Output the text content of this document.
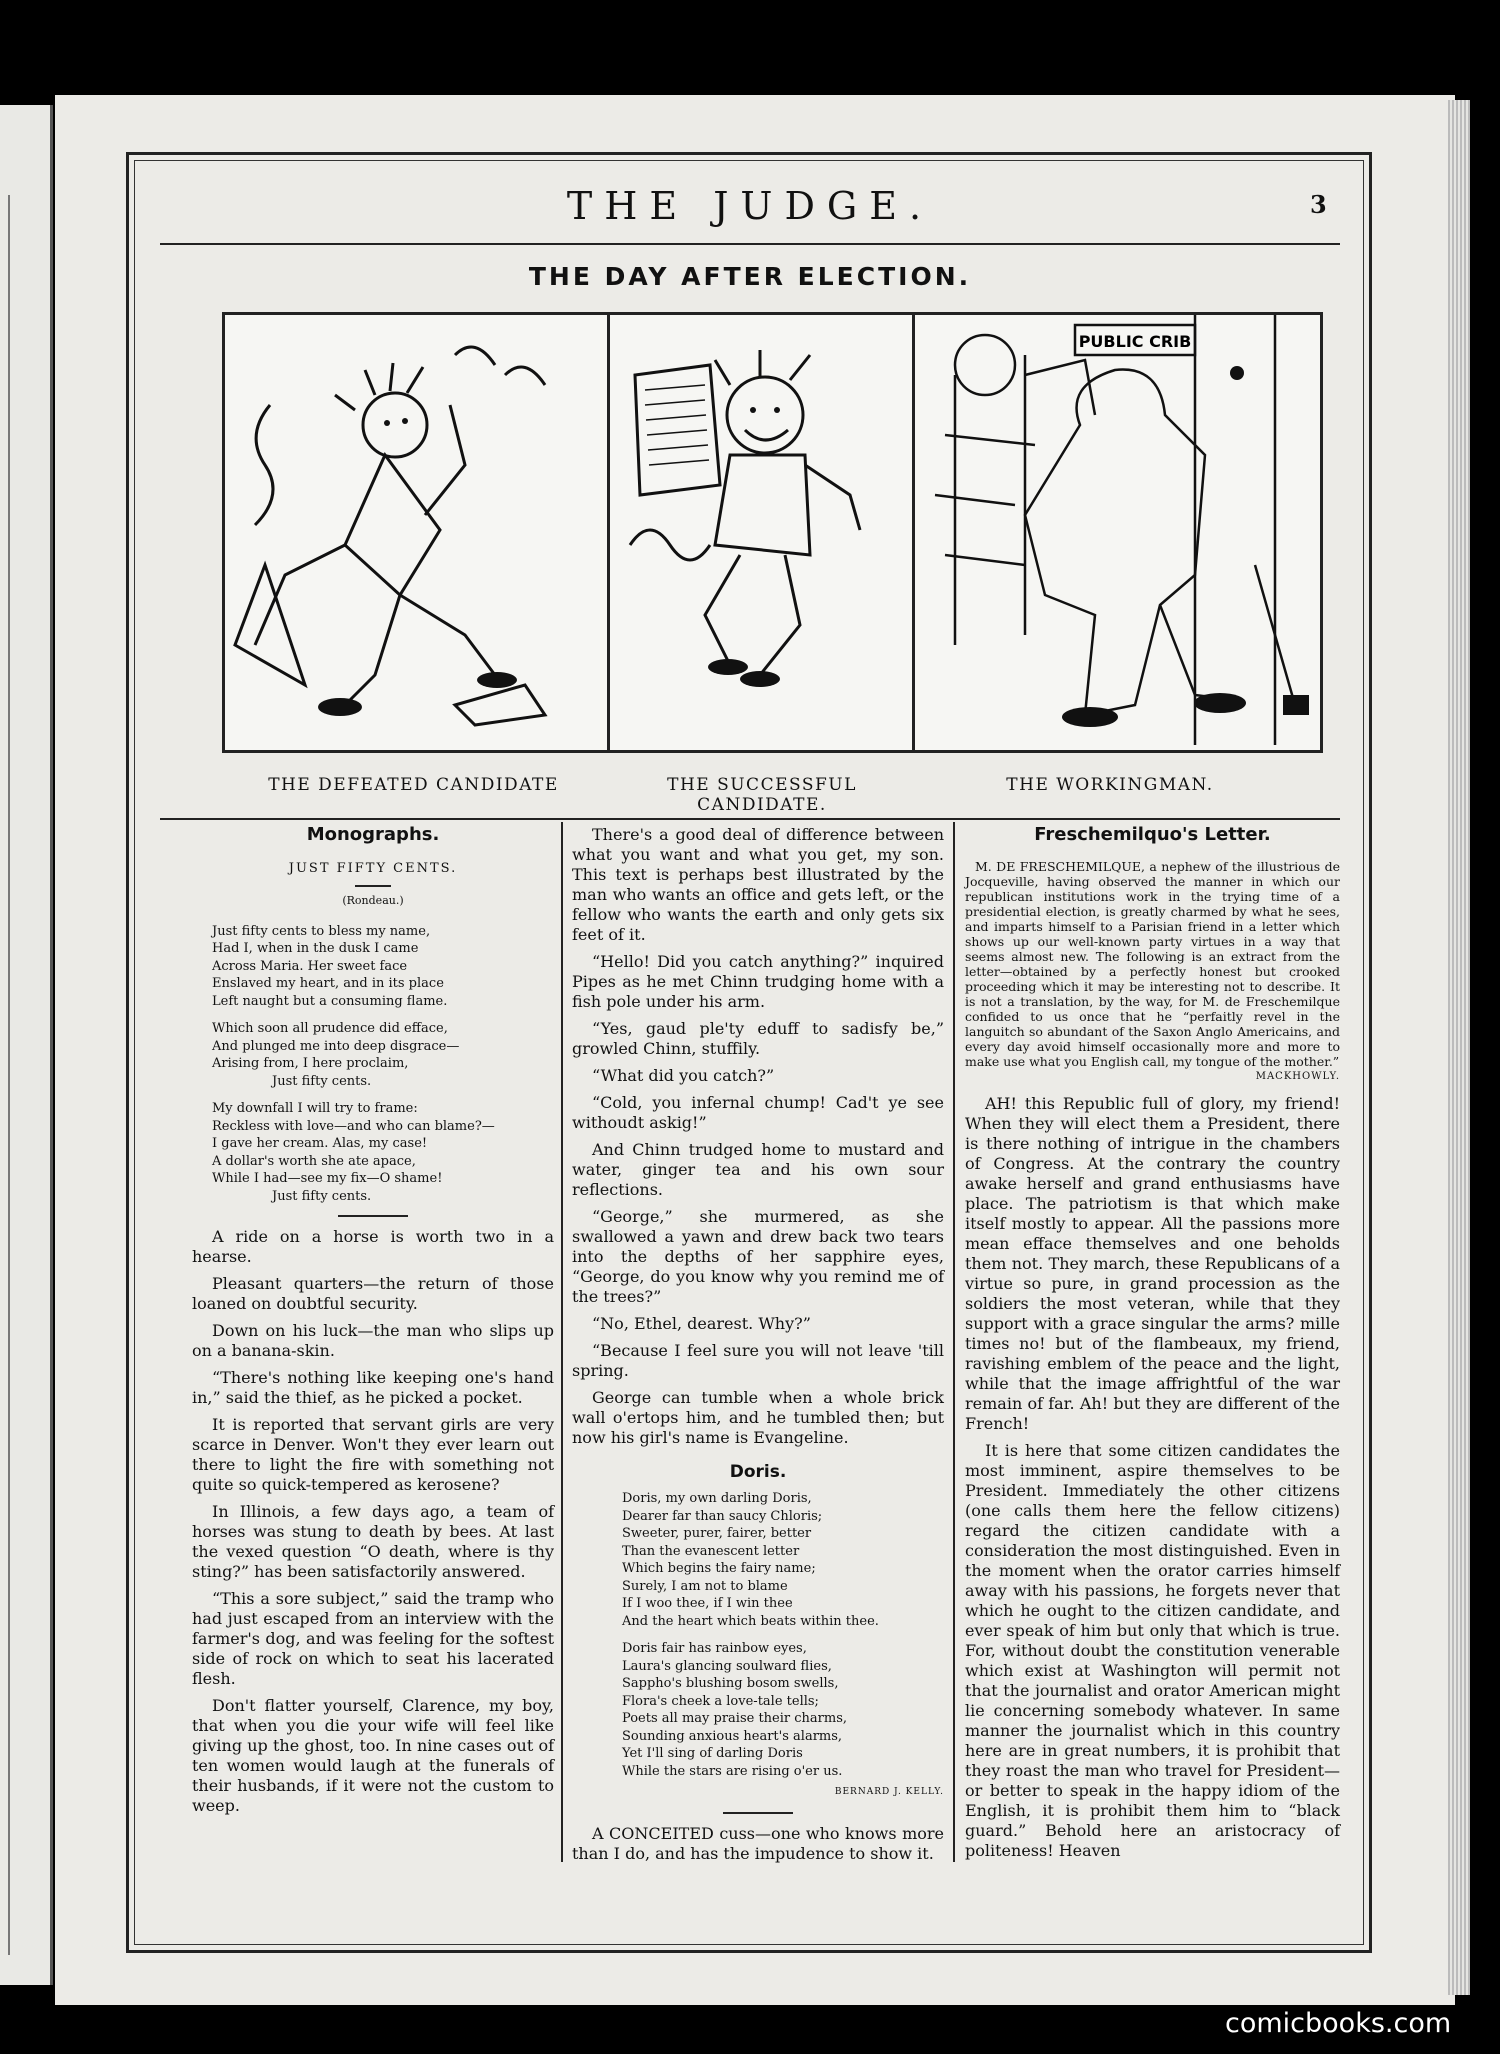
THE JUDGE.	3
THE DAY AFTER ELECTION.
PUBLIC CRIB
THE DEFEATED CANDIDATE	THE SUCCESSFUL CANDIDATE.
THE WORKINGMAN.
Monographs.
JUST FIFTY CENTS.
(Rondeau.)
Just fifty cents to bless my name,
Had I, when in the dusk I came
Across Maria. Her sweet face
Enslaved my heart, and in its place
Left naught but a consuming flame.
Which soon all prudence did efface,
And plunged me into deep disgrace—
Arising from, I here proclaim,
Just fifty cents.
My downfall I will try to frame:
Reckless with love—and who can blame?—
I gave her cream. Alas, my case!
A dollar's worth she ate apace,
While I had—see my fix—O shame!
Just fifty cents.

A ride on a horse is worth two in a hearse.

Pleasant quarters—the return of those loaned on doubtful security.

Down on his luck—the man who slips up on a banana-skin.

“There's nothing like keeping one's hand in,” said the thief, as he picked a pocket.

It is reported that servant girls are very scarce in Denver. Won't they ever learn out there to light the fire with something not quite so quick-tempered as kerosene?

In Illinois, a few days ago, a team of horses was stung to death by bees. At last the vexed question “O death, where is thy sting?” has been satisfactorily answered.

“This a sore subject,” said the tramp who had just escaped from an interview with the farmer's dog, and was feeling for the softest side of rock on which to seat his lacerated flesh.

Don't flatter yourself, Clarence, my boy, that when you die your wife will feel like giving up the ghost, too. In nine cases out of ten women would laugh at the funerals of their husbands, if it were not the custom to weep.

There's a good deal of difference between what you want and what you get, my son. This text is perhaps best illustrated by the man who wants an office and gets left, or the fellow who wants the earth and only gets six feet of it.

“Hello! Did you catch anything?” inquired Pipes as he met Chinn trudging home with a fish pole under his arm.

“Yes, gaud ple'ty eduff to sadisfy be,” growled Chinn, stuffily.

“What did you catch?”

“Cold, you infernal chump! Cad't ye see withoudt askig!”

And Chinn trudged home to mustard and water, ginger tea and his own sour reflections.

“George,” she murmered, as she swallowed a yawn and drew back two tears into the depths of her sapphire eyes, “George, do you know why you remind me of the trees?”

“No, Ethel, dearest. Why?”

“Because I feel sure you will not leave 'till spring.

George can tumble when a whole brick wall o'ertops him, and he tumbled then; but now his girl's name is Evangeline.

Doris.
Doris, my own darling Doris,
Dearer far than saucy Chloris;
Sweeter, purer, fairer, better
Than the evanescent letter
Which begins the fairy name;
Surely, I am not to blame
If I woo thee, if I win thee
And the heart which beats within thee.
Doris fair has rainbow eyes,
Laura's glancing soulward flies,
Sappho's blushing bosom swells,
Flora's cheek a love-tale tells;
Poets all may praise their charms,
Sounding anxious heart's alarms,
Yet I'll sing of darling Doris
While the stars are rising o'er us.
BERNARD J. KELLY.

A CONCEITED cuss—one who knows more than I do, and has the impudence to show it.

Freschemilquo's Letter.

M. DE FRESCHEMILQUE, a nephew of the illustrious de Jocqueville, having observed the manner in which our republican institutions work in the trying time of a presidential election, is greatly charmed by what he sees, and imparts himself to a Parisian friend in a letter which shows up our well-known party virtues in a way that seems almost new. The following is an extract from the letter—obtained by a perfectly honest but crooked proceeding which it may be interesting not to describe. It is not a translation, by the way, for M. de Freschemilque confided to us once that he “perfaitly revel in the languitch so abundant of the Saxon Anglo Americains, and every day avoid himself occasionally more and more to make use what you English call, my tongue of the mother.”

MACKHOWLY.

AH! this Republic full of glory, my friend! When they will elect them a President, there is there nothing of intrigue in the chambers of Congress. At the contrary the country awake herself and grand enthusiasms have place. The patriotism is that which make itself mostly to appear. All the passions more mean efface themselves and one beholds them not. They march, these Republicans of a virtue so pure, in grand procession as the soldiers the most veteran, while that they support with a grace singular the arms? mille times no! but of the flambeaux, my friend, ravishing emblem of the peace and the light, while that the image affrightful of the war remain of far. Ah! but they are different of the French!

It is here that some citizen candidates the most imminent, aspire themselves to be President. Immediately the other citizens (one calls them here the fellow citizens) regard the citizen candidate with a consideration the most distinguished. Even in the moment when the orator carries himself away with his passions, he forgets never that which he ought to the citizen candidate, and ever speak of him but only that which is true. For, without doubt the constitution venerable which exist at Washington will permit not that the journalist and orator American might lie concerning somebody whatever. In same manner the journalist which in this country here are in great numbers, it is prohibit that they roast the man who travel for President—or better to speak in the happy idiom of the English, it is prohibit them him to “black guard.” Behold here an aristocracy of politeness! Heaven

comicbooks.com
